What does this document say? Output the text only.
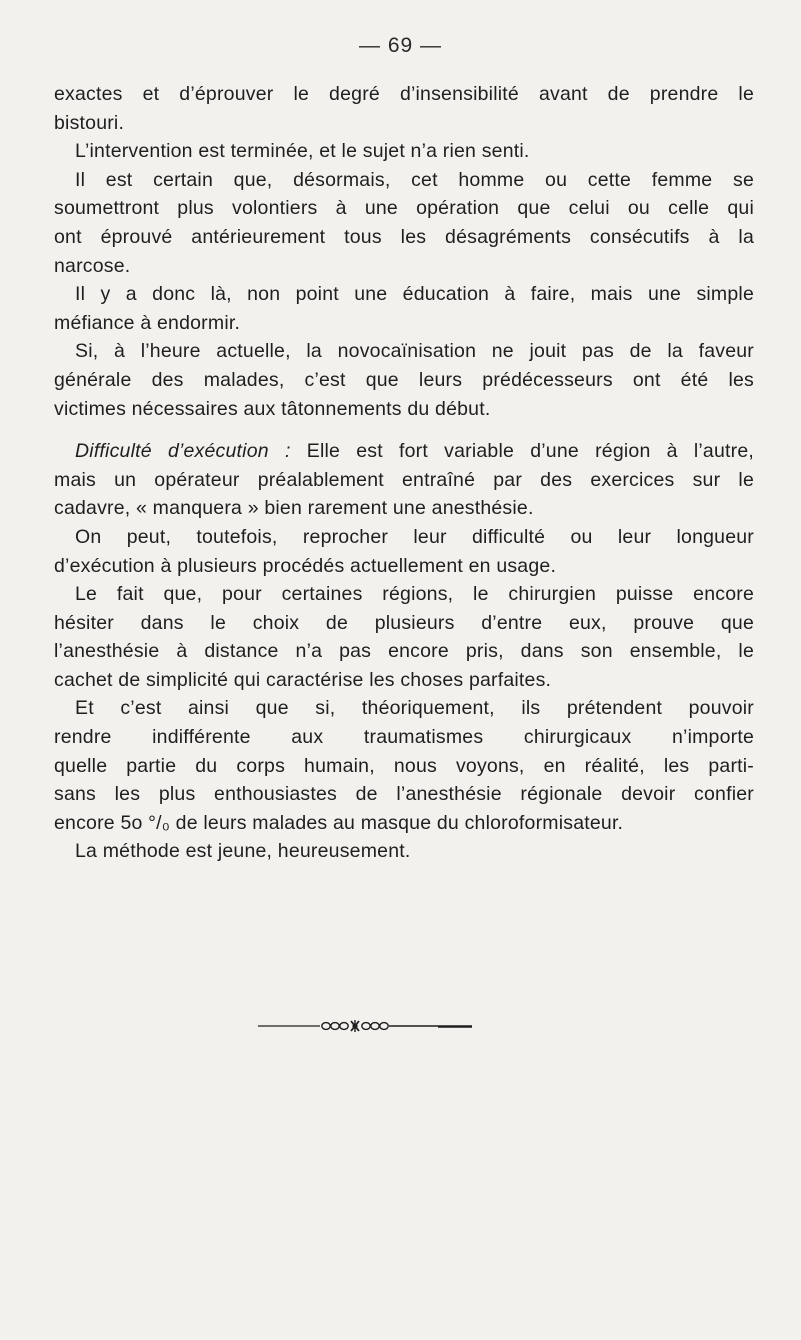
— 69 —
exactes et d’éprouver le degré d’insensibilité avant de prendre le
bistouri.
L’intervention est terminée, et le sujet n’a rien senti.
Il est certain que, désormais, cet homme ou cette femme se
soumettront plus volontiers à une opération que celui ou celle qui
ont éprouvé antérieurement tous les désagréments consécutifs à la
narcose.
Il y a donc là, non point une éducation à faire, mais une simple
méfiance à endormir.
Si, à l’heure actuelle, la novocaïnisation ne jouit pas de la faveur
générale des malades, c’est que leurs prédécesseurs ont été les
victimes nécessaires aux tâtonnements du début.
Difficulté d’exécution : Elle est fort variable d’une région à l’autre,
mais un opérateur préalablement entraîné par des exercices sur le
cadavre, « manquera » bien rarement une anesthésie.
On peut, toutefois, reprocher leur difficulté ou leur longueur
d’exécution à plusieurs procédés actuellement en usage.
Le fait que, pour certaines régions, le chirurgien puisse encore
hésiter dans le choix de plusieurs d’entre eux, prouve que
l’anesthésie à distance n’a pas encore pris, dans son ensemble, le
cachet de simplicité qui caractérise les choses parfaites.
Et c’est ainsi que si, théoriquement, ils prétendent pouvoir
rendre indifférente aux traumatismes chirurgicaux n’importe
quelle partie du corps humain, nous voyons, en réalité, les parti-
sans les plus enthousiastes de l’anesthésie régionale devoir confier
encore 5o °/₀ de leurs malades au masque du chloroformisateur.
La méthode est jeune, heureusement.
